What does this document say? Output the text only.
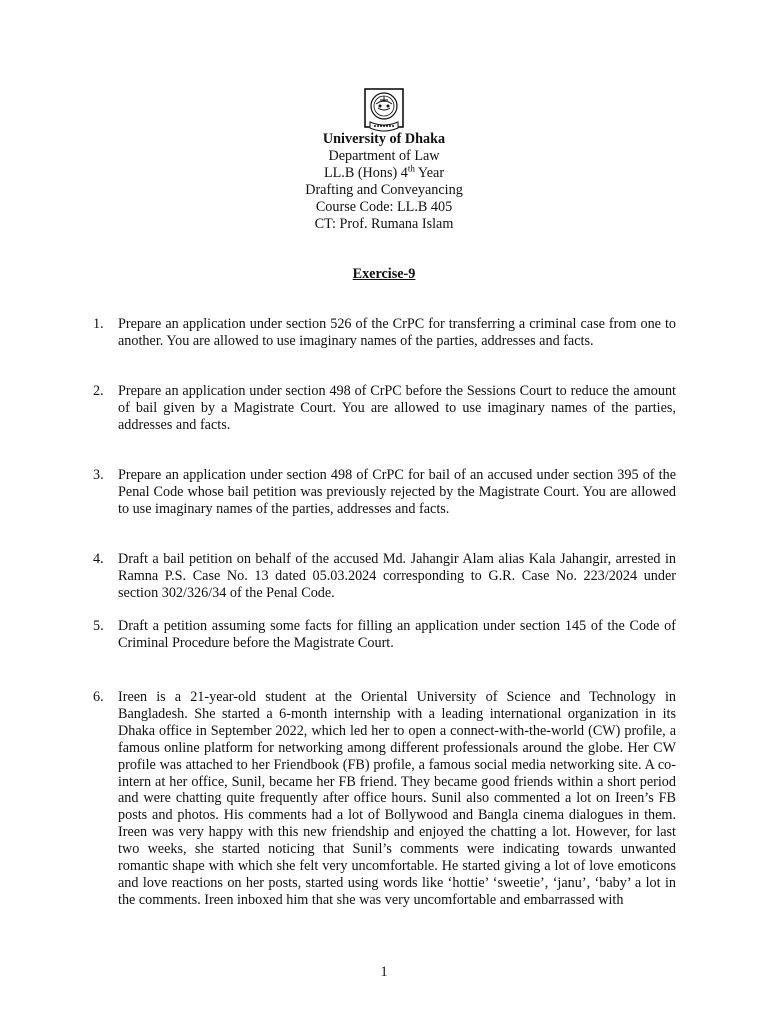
University of Dhaka
Department of Law
LL.B (Hons) 4th Year
Drafting and Conveyancing
Course Code: LL.B 405
CT: Prof. Rumana Islam
Exercise-9
1. Prepare an application under section 526 of the CrPC for transferring a criminal case from one to another. You are allowed to use imaginary names of the parties, addresses and facts.
2. Prepare an application under section 498 of CrPC before the Sessions Court to reduce the amount of bail given by a Magistrate Court. You are allowed to use imaginary names of the parties, addresses and facts.
3. Prepare an application under section 498 of CrPC for bail of an accused under section 395 of the Penal Code whose bail petition was previously rejected by the Magistrate Court. You are allowed to use imaginary names of the parties, addresses and facts.
4. Draft a bail petition on behalf of the accused Md. Jahangir Alam alias Kala Jahangir, arrested in Ramna P.S. Case No. 13 dated 05.03.2024 corresponding to G.R. Case No. 223/2024 under section 302/326/34 of the Penal Code.
5. Draft a petition assuming some facts for filling an application under section 145 of the Code of Criminal Procedure before the Magistrate Court.
6. Ireen is a 21-year-old student at the Oriental University of Science and Technology in Bangladesh. She started a 6-month internship with a leading international organization in its Dhaka office in September 2022, which led her to open a connect-with-the-world (CW) profile, a famous online platform for networking among different professionals around the globe. Her CW profile was attached to her Friendbook (FB) profile, a famous social media networking site. A co-intern at her office, Sunil, became her FB friend. They became good friends within a short period and were chatting quite frequently after office hours. Sunil also commented a lot on Ireen’s FB posts and photos. His comments had a lot of Bollywood and Bangla cinema dialogues in them. Ireen was very happy with this new friendship and enjoyed the chatting a lot. However, for last two weeks, she started noticing that Sunil’s comments were indicating towards unwanted romantic shape with which she felt very uncomfortable. He started giving a lot of love emoticons and love reactions on her posts, started using words like ‘hottie’ ‘sweetie’, ‘janu’, ‘baby’ a lot in the comments. Ireen inboxed him that she was very uncomfortable and embarrassed with
1
